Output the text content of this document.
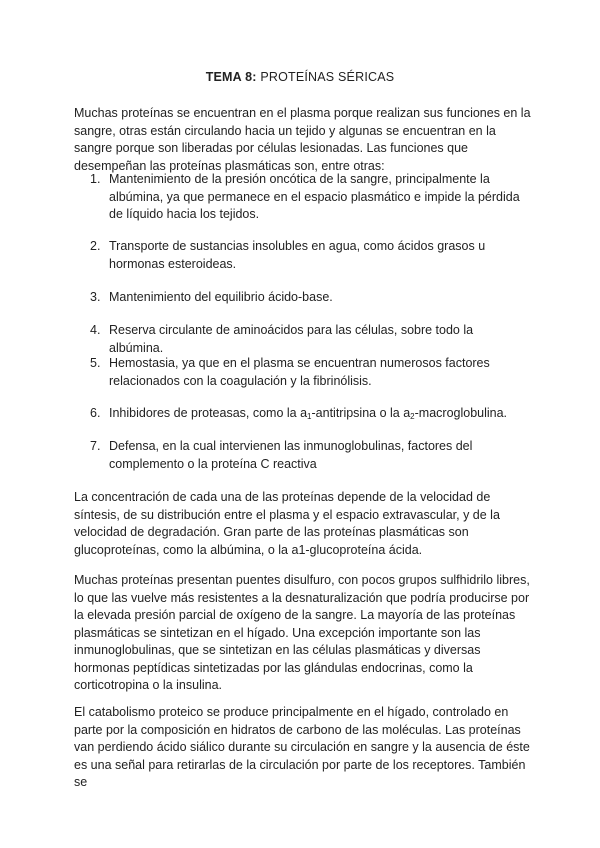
TEMA 8: PROTEÍNAS SÉRICAS

Muchas proteínas se encuentran en el plasma porque realizan sus funciones en la sangre, otras están circulando hacia un tejido y algunas se encuentran en la sangre porque son liberadas por células lesionadas. Las funciones que desempeñan las proteínas plasmáticas son, entre otras:

1. Mantenimiento de la presión oncótica de la sangre, principalmente la albúmina, ya que permanece en el espacio plasmático e impide la pérdida de líquido hacia los tejidos.
2. Transporte de sustancias insolubles en agua, como ácidos grasos u hormonas esteroideas.
3. Mantenimiento del equilibrio ácido-base.
4. Reserva circulante de aminoácidos para las células, sobre todo la albúmina.
5. Hemostasia, ya que en el plasma se encuentran numerosos factores relacionados con la coagulación y la fibrinólisis.
6. Inhibidores de proteasas, como la $a_1$-antitripsina o la $a_2$-macroglobulina.
7. Defensa, en la cual intervienen las inmunoglobulinas, factores del complemento o la proteína C reactiva

La concentración de cada una de las proteínas depende de la velocidad de síntesis, de su distribución entre el plasma y el espacio extravascular, y de la velocidad de degradación. Gran parte de las proteínas plasmáticas son glucoproteínas, como la albúmina, o la a1-glucoproteína ácida.

Muchas proteínas presentan puentes disulfuro, con pocos grupos sulfhidrilo libres, lo que las vuelve más resistentes a la desnaturalización que podría producirse por la elevada presión parcial de oxígeno de la sangre. La mayoría de las proteínas plasmáticas se sintetizan en el hígado. Una excepción importante son las inmunoglobulinas, que se sintetizan en las células plasmáticas y diversas hormonas peptídicas sintetizadas por las glándulas endocrinas, como la corticotropina o la insulina.

El catabolismo proteico se produce principalmente en el hígado, controlado en parte por la composición en hidratos de carbono de las moléculas. Las proteínas van perdiendo ácido siálico durante su circulación en sangre y la ausencia de éste es una señal para retirarlas de la circulación por parte de los receptores. También se
